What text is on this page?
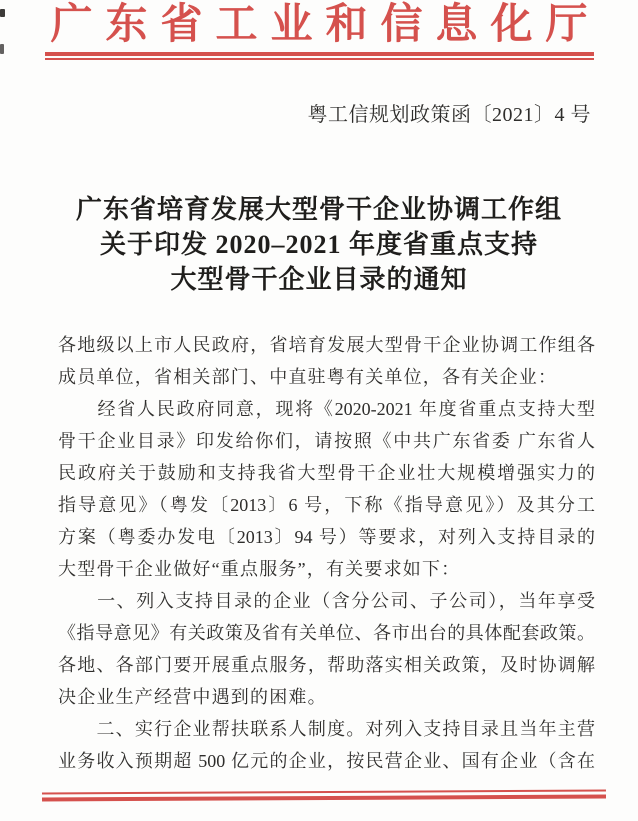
广东省工业和信息化厅
粤工信规划政策函〔2021〕4 号
广东省培育发展大型骨干企业协调工作组
关于印发 2020–2021 年度省重点支持
大型骨干企业目录的通知
各地级以上市人民政府，省培育发展大型骨干企业协调工作组各
成员单位，省相关部门、中直驻粤有关单位，各有关企业：
　　经省人民政府同意，现将《2020-2021 年度省重点支持大型
骨干企业目录》印发给你们，请按照《中共广东省委 广东省人
民政府关于鼓励和支持我省大型骨干企业壮大规模增强实力的
指导意见》（粤发〔2013〕6 号，下称《指导意见》）及其分工
方案（粤委办发电〔2013〕94 号）等要求，对列入支持目录的
大型骨干企业做好“重点服务”，有关要求如下：
　　一、列入支持目录的企业（含分公司、子公司），当年享受
《指导意见》有关政策及省有关单位、各市出台的具体配套政策。
各地、各部门要开展重点服务，帮助落实相关政策，及时协调解
决企业生产经营中遇到的困难。
　　二、实行企业帮扶联系人制度。对列入支持目录且当年主营
业务收入预期超 500 亿元的企业，按民营企业、国有企业（含在
